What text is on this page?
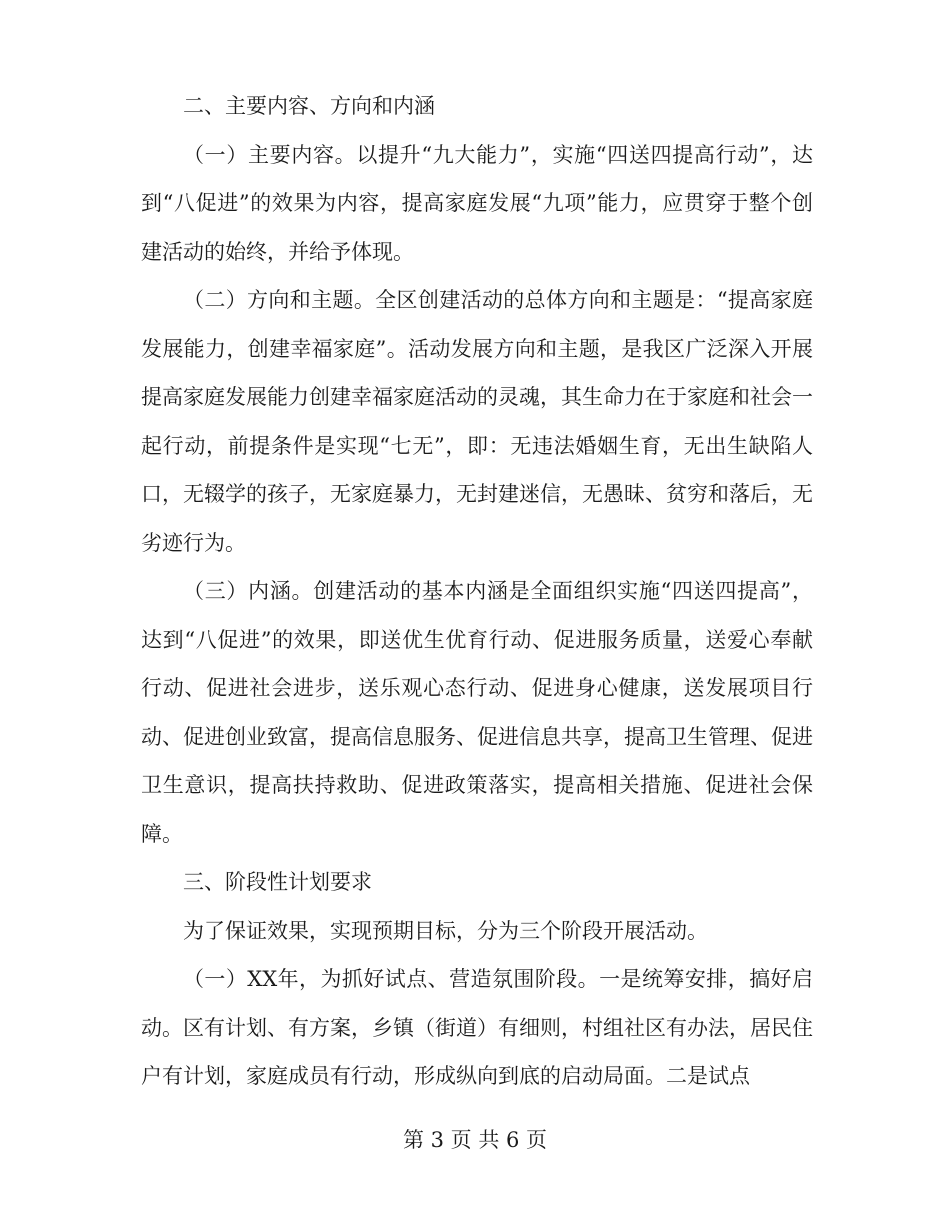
二、主要内容、方向和内涵

（一）主要内容。以提升“九大能力”，实施“四送四提高行动”，达到“八促进”的效果为内容，提高家庭发展“九项”能力，应贯穿于整个创建活动的始终，并给予体现。

（二）方向和主题。全区创建活动的总体方向和主题是：“提高家庭发展能力，创建幸福家庭”。活动发展方向和主题，是我区广泛深入开展提高家庭发展能力创建幸福家庭活动的灵魂，其生命力在于家庭和社会一起行动，前提条件是实现“七无”，即：无违法婚姻生育，无出生缺陷人口，无辍学的孩子，无家庭暴力，无封建迷信，无愚昧、贫穷和落后，无劣迹行为。

（三）内涵。创建活动的基本内涵是全面组织实施“四送四提高”，达到“八促进”的效果，即送优生优育行动、促进服务质量，送爱心奉献行动、促进社会进步，送乐观心态行动、促进身心健康，送发展项目行动、促进创业致富，提高信息服务、促进信息共享，提高卫生管理、促进卫生意识，提高扶持救助、促进政策落实，提高相关措施、促进社会保障。

三、阶段性计划要求

为了保证效果，实现预期目标，分为三个阶段开展活动。

（一）XX年，为抓好试点、营造氛围阶段。一是统筹安排，搞好启动。区有计划、有方案，乡镇（街道）有细则，村组社区有办法，居民住户有计划，家庭成员有行动，形成纵向到底的启动局面。二是试点

第 3 页 共 6 页
